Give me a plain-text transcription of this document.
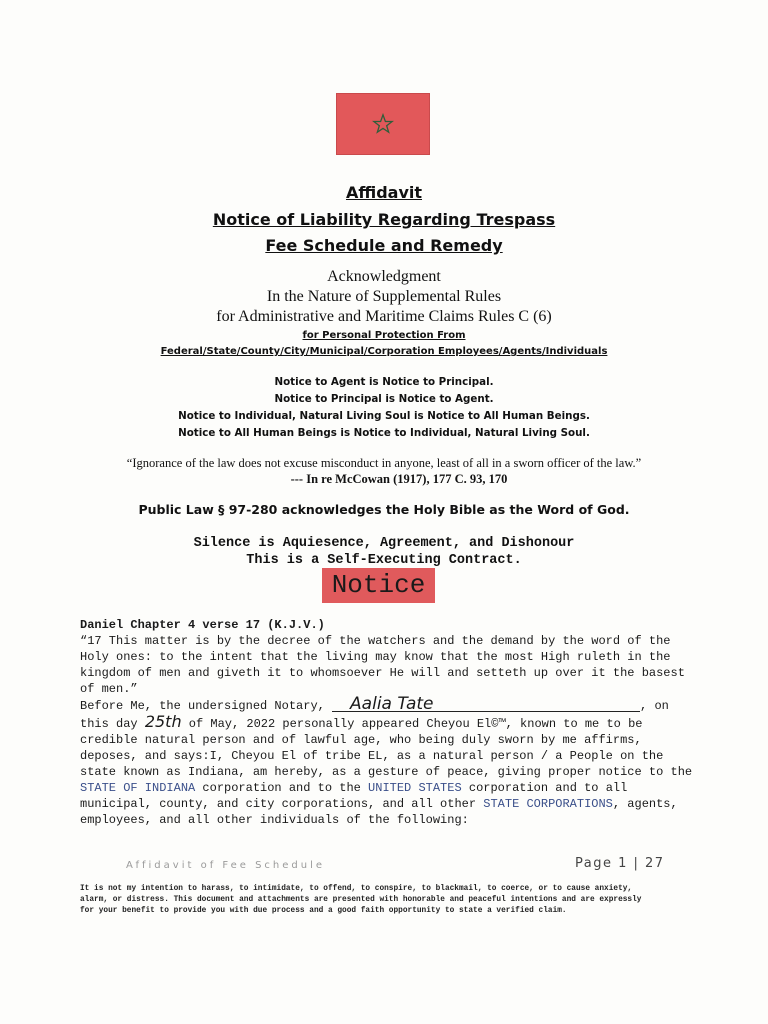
Affidavit
Notice of Liability Regarding Trespass
Fee Schedule and Remedy
Acknowledgment
In the Nature of Supplemental Rules
for Administrative and Maritime Claims Rules C (6)
for Personal Protection From
Federal/State/County/City/Municipal/Corporation Employees/Agents/Individuals
Notice to Agent is Notice to Principal.
Notice to Principal is Notice to Agent.
Notice to Individual, Natural Living Soul is Notice to All Human Beings.
Notice to All Human Beings is Notice to Individual, Natural Living Soul.
“Ignorance of the law does not excuse misconduct in anyone, least of all in a sworn officer of the law.”
--- In re McCowan (1917), 177 C. 93, 170
Public Law § 97-280 acknowledges the Holy Bible as the Word of God.
Silence is Aquiesence, Agreement, and Dishonour
This is a Self-Executing Contract.
Notice

Daniel Chapter 4 verse 17 (K.J.V.)

“17 This matter is by the decree of the watchers and the demand by the word of the Holy ones: to the intent that the living may know that the most High ruleth in the kingdom of men and giveth it to whomsoever He will and setteth up over it the basest of men.”

Before Me, the undersigned Notary, Aalia Tate	, on

this day 25th of May, 2022 personally appeared Cheyou El©™, known to me to be credible natural person and of lawful age, who being duly sworn by me affirms, deposes, and says:I, Cheyou El of tribe EL, as a natural person / a People on the state known as Indiana, am hereby, as a gesture of peace, giving proper notice to the STATE OF INDIANA corporation and to the UNITED STATES corporation and to all municipal, county, and city corporations, and all other STATE CORPORATIONS, agents, employees, and all other individuals of the following:

Affidavit of Fee Schedule	Page 1 | 27
It is not my intention to harass, to intimidate, to offend, to conspire, to blackmail, to coerce, or to cause anxiety, alarm, or distress. This document and attachments are presented with honorable and peaceful intentions and are expressly for your benefit to provide you with due process and a good faith opportunity to state a verified claim.
